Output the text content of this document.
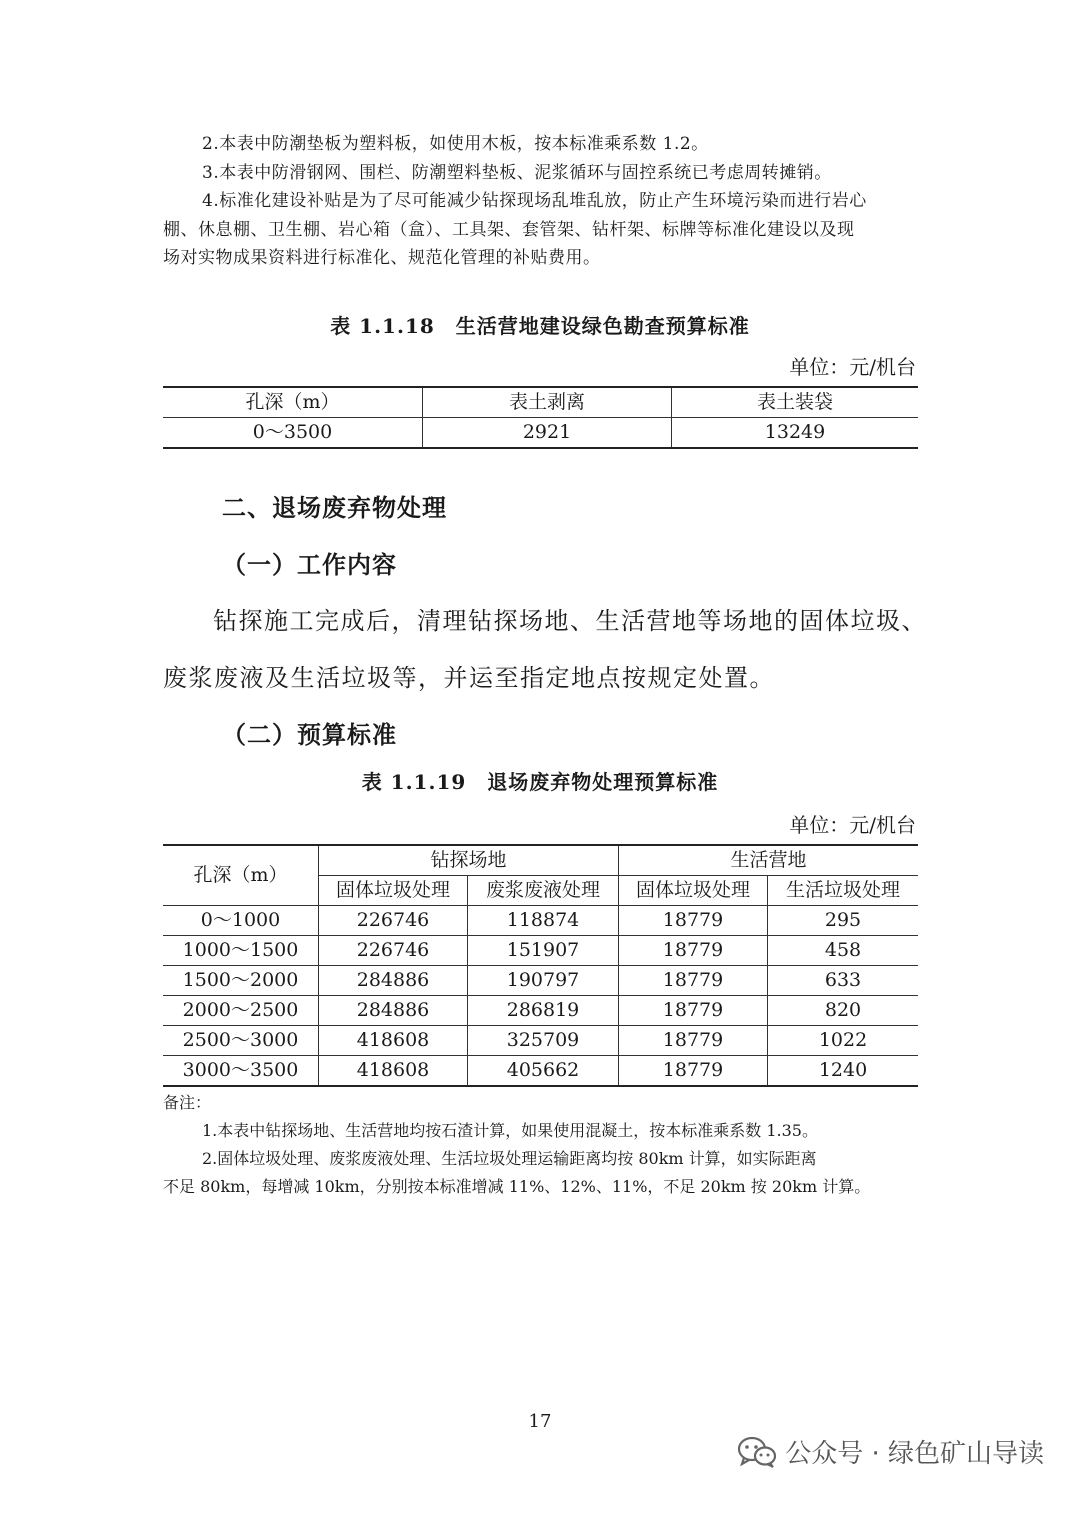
2.本表中防潮垫板为塑料板，如使用木板，按本标准乘系数 1.2。
3.本表中防滑钢网、围栏、防潮塑料垫板、泥浆循环与固控系统已考虑周转摊销。
4.标准化建设补贴是为了尽可能减少钻探现场乱堆乱放，防止产生环境污染而进行岩心
棚、休息棚、卫生棚、岩心箱（盒）、工具架、套管架、钻杆架、标牌等标准化建设以及现
场对实物成果资料进行标准化、规范化管理的补贴费用。
表 1.1.18　生活营地建设绿色勘查预算标准
单位：元/机台
孔深（m）	表土剥离	表土装袋
0～3500	2921	13249
二、退场废弃物处理
（一）工作内容
钻探施工完成后，清理钻探场地、生活营地等场地的固体垃圾、
废浆废液及生活垃圾等，并运至指定地点按规定处置。
（二）预算标准
表 1.1.19　退场废弃物处理预算标准
单位：元/机台
孔深（m）	钻探场地		生活营地	
	固体垃圾处理	废浆废液处理	固体垃圾处理	生活垃圾处理
0～1000	226746	118874	18779	295
1000～1500	226746	151907	18779	458
1500～2000	284886	190797	18779	633
2000～2500	284886	286819	18779	820
2500～3000	418608	325709	18779	1022
3000～3500	418608	405662	18779	1240
备注：
1.本表中钻探场地、生活营地均按石渣计算，如果使用混凝土，按本标准乘系数 1.35。
2.固体垃圾处理、废浆废液处理、生活垃圾处理运输距离均按 80km 计算，如实际距离
不足 80km，每增减 10km，分别按本标准增减 11%、12%、11%，不足 20km 按 20km 计算。
17
公众号 · 绿色矿山导读
